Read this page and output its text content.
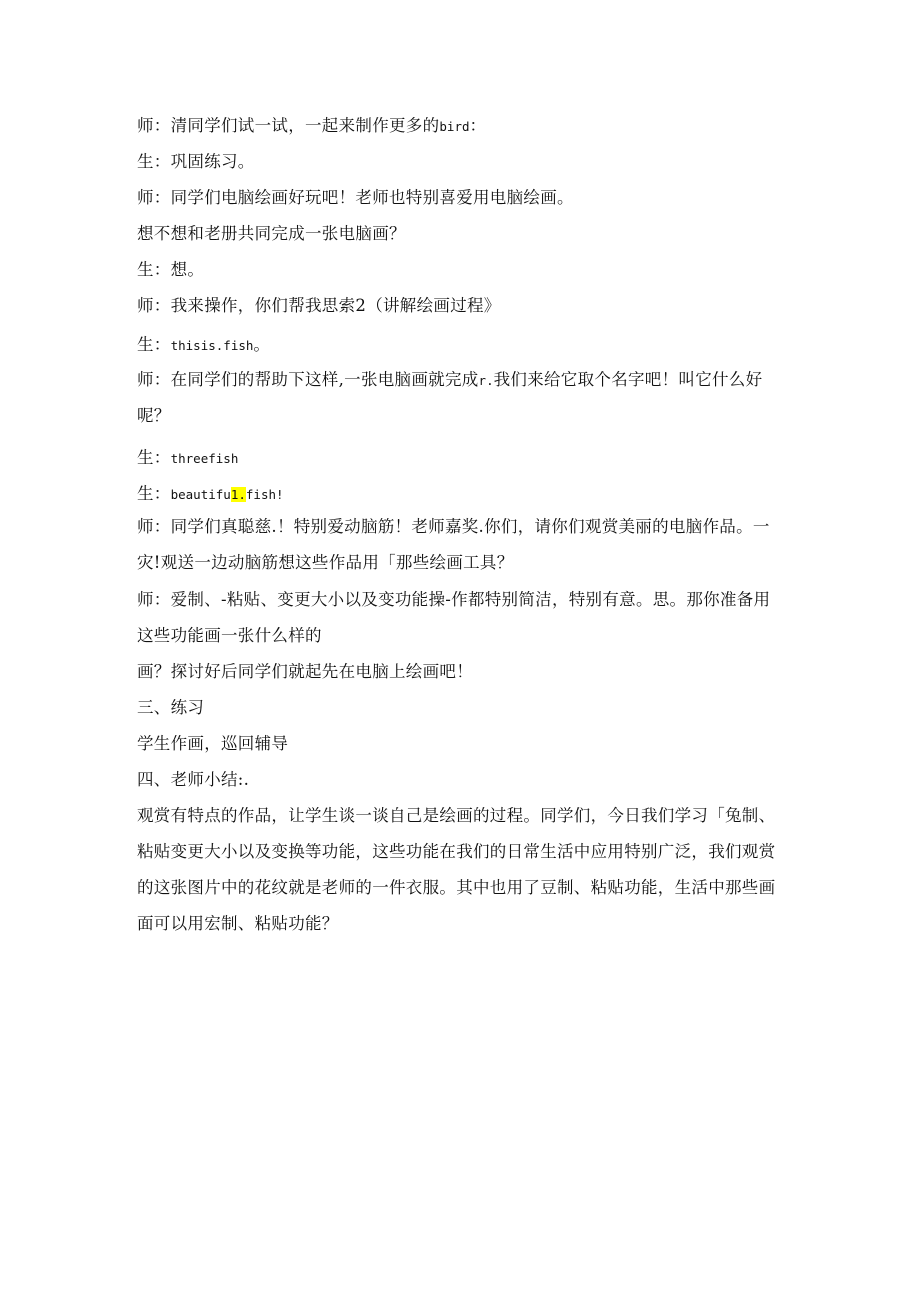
师：清同学们试一试，一起来制作更多的bird：
生：巩固练习。
师：同学们电脑绘画好玩吧！老师也特别喜爱用电脑绘画。
想不想和老册共同完成一张电脑画？
生：想。
师：我来操作，你们帮我思索2（讲解绘画过程》
生：thisis.fish。
师：在同学们的帮助下这样,一张电脑画就完成r.我们来给它取个名字吧！叫它什么好
呢？
生：threefish
生：beautifu1.fish!
师：同学们真聪慈.！特别爱动脑筋！老师嘉奖.你们，请你们观赏美丽的电脑作品。一
灾!观送一边动脑筋想这些作品用「那些绘画工具？
师：爱制、-粘贴、变更大小以及变功能操-作都特别简洁，特别有意。思。那你准备用
这些功能画一张什么样的
画？探讨好后同学们就起先在电脑上绘画吧！
三、练习
学生作画，巡回辅导
四、老师小结:.
观赏有特点的作品，让学生谈一谈自己是绘画的过程。同学们，今日我们学习「兔制、
粘贴变更大小以及变换等功能，这些功能在我们的日常生活中应用特别广泛，我们观赏
的这张图片中的花纹就是老师的一件衣服。其中也用了豆制、粘贴功能，生活中那些画
面可以用宏制、粘贴功能？
